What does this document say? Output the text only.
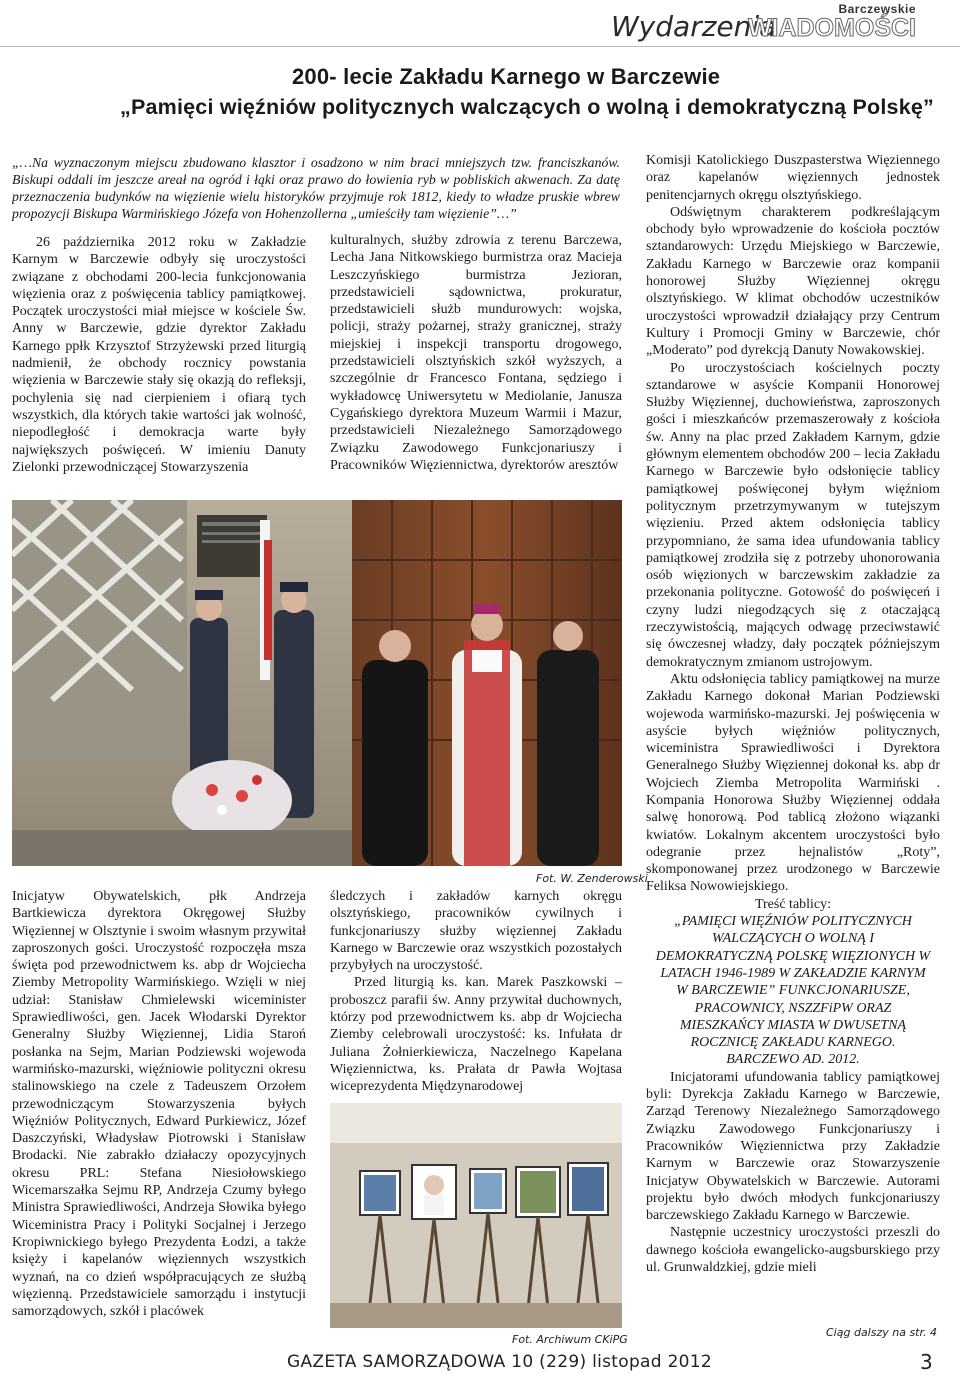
Wydarzenia
Barczewskie
WIADOMOŚCI
200- lecie Zakładu Karnego w Barczewie
„Pamięci więźniów politycznych walczących o wolną i demokratyczną Polskę”
„…Na wyznaczonym miejscu zbudowano klasztor i osadzono w nim braci mniejszych tzw. franciszkanów. Biskupi oddali im jeszcze areał na ogród i łąki oraz prawo do łowienia ryb w pobliskich akwenach. Za datę przeznaczenia budynków na więzienie wielu historyków przyjmuje rok 1812, kiedy to władze pruskie wbrew propozycji Biskupa Warmińskiego Józefa von Hohenzollerna „umieściły tam więzienie”…”

26 października 2012 roku w Zakładzie Karnym w Barczewie odbyły się uroczystości związane z obchodami 200-lecia funkcjonowania więzienia oraz z poświęcenia tablicy pamiątkowej. Początek uroczystości miał miejsce w kościele Św. Anny w Barczewie, gdzie dyrektor Zakładu Karnego ppłk Krzysztof Strzyżewski przed liturgią nadmienił, że obchody rocznicy powstania więzienia w Barczewie stały się okazją do refleksji, pochylenia się nad cierpieniem i ofiarą tych wszystkich, dla których takie wartości jak wolność, niepodległość i demokracja warte były największych poświęceń. W imieniu Danuty Zielonki przewodniczącej Stowarzyszenia

kulturalnych, służby zdrowia z terenu Barczewa, Lecha Jana Nitkowskiego burmistrza oraz Macieja Leszczyńskiego burmistrza Jezioran, przedstawicieli sądownictwa, prokuratur, przedstawicieli służb mundurowych: wojska, policji, straży pożarnej, straży granicznej, straży miejskiej i inspekcji transportu drogowego, przedstawicieli olsztyńskich szkół wyższych, a szczególnie dr Francesco Fontana, sędziego i wykładowcę Uniwersytetu w Mediolanie, Janusza Cygańskiego dyrektora Muzeum Warmii i Mazur, przedstawicieli Niezależnego Samorządowego Związku Zawodowego Funkcjonariuszy i Pracowników Więziennictwa, dyrektorów aresztów

Fot. W. Zenderowski

Inicjatyw Obywatelskich, płk Andrzeja Bartkiewicza dyrektora Okręgowej Służby Więziennej w Olsztynie i swoim własnym przywitał zaproszonych gości. Uroczystość rozpoczęła msza święta pod przewodnictwem ks. abp dr Wojciecha Ziemby Metropolity Warmińskiego. Wzięli w niej udział: Stanisław Chmielewski wiceminister Sprawiedliwości, gen. Jacek Włodarski Dyrektor Generalny Służby Więziennej, Lidia Staroń posłanka na Sejm, Marian Podziewski wojewoda warmińsko-mazurski, więźniowie polityczni okresu stalinowskiego na czele z Tadeuszem Orzołem przewodniczącym Stowarzyszenia byłych Więźniów Politycznych, Edward Purkiewicz, Józef Daszczyński, Władysław Piotrowski i Stanisław Brodacki. Nie zabrakło działaczy opozycyjnych okresu PRL: Stefana Niesiołowskiego Wicemarszałka Sejmu RP, Andrzeja Czumy byłego Ministra Sprawiedliwości, Andrzeja Słowika byłego Wiceministra Pracy i Polityki Socjalnej i Jerzego Kropiwnickiego byłego Prezydenta Łodzi, a także księży i kapelanów więziennych wszystkich wyznań, na co dzień współpracujących ze służbą więzienną. Przedstawiciele samorządu i instytucji samorządowych, szkół i placówek

śledczych i zakładów karnych okręgu olsztyńskiego, pracowników cywilnych i funkcjonariuszy służby więziennej Zakładu Karnego w Barczewie oraz wszystkich pozostałych przybyłych na uroczystość.

Przed liturgią ks. kan. Marek Paszkowski – proboszcz parafii św. Anny przywitał duchownych, którzy pod przewodnictwem ks. abp dr Wojciecha Ziemby celebrowali uroczystość: ks. Infułata dr Juliana Żołnierkiewicza, Naczelnego Kapelana Więziennictwa, ks. Prałata dr Pawła Wojtasa wiceprezydenta Międzynarodowej

Fot. Archiwum CKiPG

Komisji Katolickiego Duszpasterstwa Więziennego oraz kapelanów więziennych jednostek penitencjarnych okręgu olsztyńskiego.

Odświętnym charakterem podkreślającym obchody było wprowadzenie do kościoła pocztów sztandarowych: Urzędu Miejskiego w Barczewie, Zakładu Karnego w Barczewie oraz kompanii honorowej Służby Więziennej okręgu olsztyńskiego. W klimat obchodów uczestników uroczystości wprowadził działający przy Centrum Kultury i Promocji Gminy w Barczewie, chór „Moderato” pod dyrekcją Danuty Nowakowskiej.

Po uroczystościach kościelnych poczty sztandarowe w asyście Kompanii Honorowej Służby Więziennej, duchowieństwa, zaproszonych gości i mieszkańców przemaszerowały z kościoła św. Anny na plac przed Zakładem Karnym, gdzie głównym elementem obchodów 200 – lecia Zakładu Karnego w Barczewie było odsłonięcie tablicy pamiątkowej poświęconej byłym więźniom politycznym przetrzymywanym w tutejszym więzieniu. Przed aktem odsłonięcia tablicy przypomniano, że sama idea ufundowania tablicy pamiątkowej zrodziła się z potrzeby uhonorowania osób więzionych w barczewskim zakładzie za przekonania polityczne. Gotowość do poświęceń i czyny ludzi niegodzących się z otaczającą rzeczywistością, mających odwagę przeciwstawić się ówczesnej władzy, dały początek późniejszym demokratycznym zmianom ustrojowym.

Aktu odsłonięcia tablicy pamiątkowej na murze Zakładu Karnego dokonał Marian Podziewski wojewoda warmińsko-mazurski. Jej poświęcenia w asyście byłych więźniów politycznych, wiceministra Sprawiedliwości i Dyrektora Generalnego Służby Więziennej dokonał ks. abp dr Wojciech Ziemba Metropolita Warmiński . Kompania Honorowa Służby Więziennej oddała salwę honorową. Pod tablicą złożono wiązanki kwiatów. Lokalnym akcentem uroczystości było odegranie przez hejnalistów „Roty”, skomponowanej przez urodzonego w Barczewie Feliksa Nowowiejskiego.

Treść tablicy:

„PAMIĘCI WIĘŹNIÓW POLITYCZNYCH WALCZĄCYCH O WOLNĄ I DEMOKRATYCZNĄ POLSKĘ WIĘZIONYCH W LATACH 1946-1989 W ZAKŁADZIE KARNYM W BARCZEWIE” FUNKCJONARIUSZE, PRACOWNICY, NSZZFiPW ORAZ MIESZKAŃCY MIASTA W DWUSETNĄ ROCZNICĘ ZAKŁADU KARNEGO. BARCZEWO AD. 2012.

Inicjatorami ufundowania tablicy pamiątkowej byli: Dyrekcja Zakładu Karnego w Barczewie, Zarząd Terenowy Niezależnego Samorządowego Związku Zawodowego Funkcjonariuszy i Pracowników Więziennictwa przy Zakładzie Karnym w Barczewie oraz Stowarzyszenie Inicjatyw Obywatelskich w Barczewie. Autorami projektu było dwóch młodych funkcjonariuszy barczewskiego Zakładu Karnego w Barczewie.

Następnie uczestnicy uroczystości przeszli do dawnego kościoła ewangelicko-augsburskiego przy ul. Grunwaldzkiej, gdzie mieli

Ciąg dalszy na str. 4
GAZETA SAMORZĄDOWA 10 (229) listopad 2012	3
